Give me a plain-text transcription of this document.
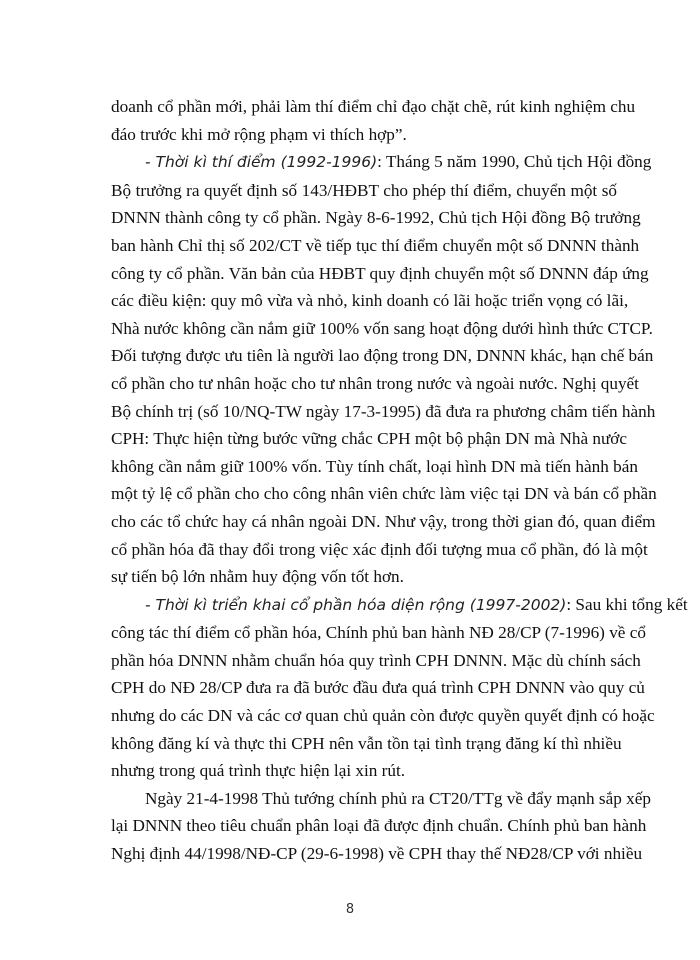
doanh cổ phần mới, phải làm thí điểm chỉ đạo chặt chẽ, rút kinh nghiệm chu
đáo trước khi mở rộng phạm vi thích hợp”.
- Thời kì thí điểm (1992-1996): Tháng 5 năm 1990, Chủ tịch Hội đồng
Bộ trưởng ra quyết định số 143/HĐBT cho phép thí điểm, chuyển một số
DNNN thành công ty cổ phần. Ngày 8-6-1992, Chủ tịch Hội đồng Bộ trưởng
ban hành Chỉ thị số 202/CT về tiếp tục thí điểm chuyển một số DNNN thành
công ty cổ phần. Văn bản của HĐBT quy định chuyển một số DNNN đáp ứng
các điều kiện: quy mô vừa và nhỏ, kinh doanh có lãi hoặc triển vọng có lãi,
Nhà nước không cần nắm giữ 100% vốn sang hoạt động dưới hình thức CTCP.
Đối tượng được ưu tiên là người lao động trong DN, DNNN khác, hạn chế bán
cổ phần cho tư nhân hoặc cho tư nhân trong nước và ngoài nước. Nghị quyết
Bộ chính trị (số 10/NQ-TW ngày 17-3-1995) đã đưa ra phương châm tiến hành
CPH: Thực hiện từng bước vững chắc CPH một bộ phận DN mà Nhà nước
không cần nắm giữ 100% vốn. Tùy tính chất, loại hình DN mà tiến hành bán
một tỷ lệ cổ phần cho cho công nhân viên chức làm việc tại DN và bán cổ phần
cho các tổ chức hay cá nhân ngoài DN. Như vậy, trong thời gian đó, quan điểm
cổ phần hóa đã thay đổi trong việc xác định đối tượng mua cổ phần, đó là một
sự tiến bộ lớn nhằm huy động vốn tốt hơn.
- Thời kì triển khai cổ phần hóa diện rộng (1997-2002): Sau khi tổng kết
công tác thí điểm cổ phần hóa, Chính phủ ban hành NĐ 28/CP (7-1996) về cổ
phần hóa DNNN nhằm chuẩn hóa quy trình CPH DNNN. Mặc dù chính sách
CPH do NĐ 28/CP đưa ra đã bước đầu đưa quá trình CPH DNNN vào quy củ
nhưng do các DN và các cơ quan chủ quản còn được quyền quyết định có hoặc
không đăng kí và thực thi CPH nên vẫn tồn tại tình trạng đăng kí thì nhiều
nhưng trong quá trình thực hiện lại xin rút.
Ngày 21-4-1998 Thủ tướng chính phủ ra CT20/TTg về đẩy mạnh sắp xếp
lại DNNN theo tiêu chuẩn phân loại đã được định chuẩn. Chính phủ ban hành
Nghị định 44/1998/NĐ-CP (29-6-1998) về CPH thay thế NĐ28/CP với nhiều
8
